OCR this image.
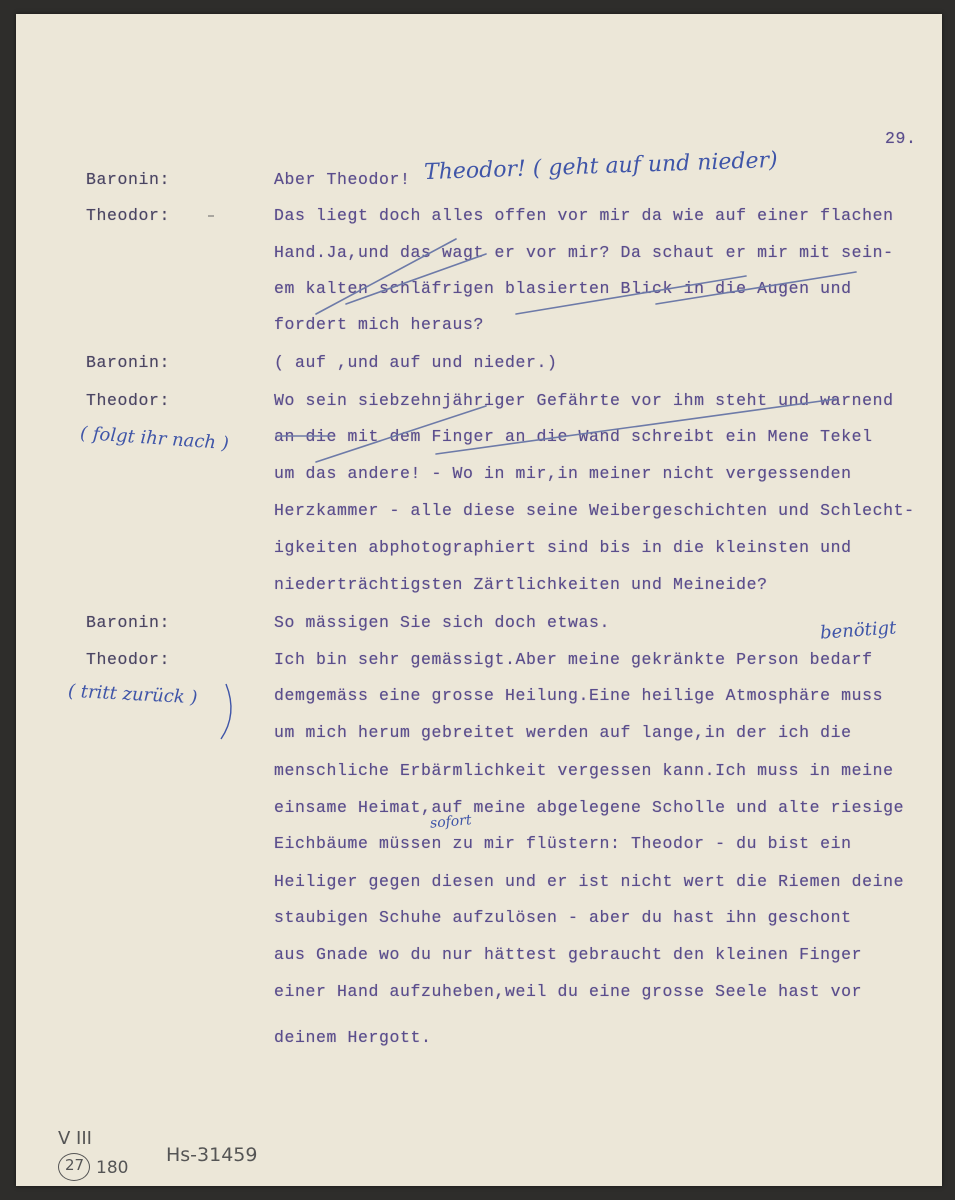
29.
Baronin:	Aber Theodor! Theodor! ( geht auf und nieder)
Theodor:	Das liegt doch alles offen vor mir da wie auf einer flachen
Hand.Ja,und das wagt er vor mir? Da schaut er mir mit sein-
em kalten schläfrigen blasierten Blick in die Augen und
fordert mich heraus?
Baronin:	( auf ,und auf und nieder.)
Theodor:
( folgt ihr nach )
Wo sein siebzehnjähriger Gefährte vor ihm steht und warnend
an die mit dem Finger an die Wand schreibt ein Mene Tekel
um das andere! - Wo in mir,in meiner nicht vergessenden
Herzkammer - alle diese seine Weibergeschichten und Schlecht-
igkeiten abphotographiert sind bis in die kleinsten und
niederträchtigsten Zärtlichkeiten und Meineide?
Baronin:	So mässigen Sie sich doch etwas.
Theodor:
( tritt zurück )
benötigt
Ich bin sehr gemässigt.Aber meine gekränkte Person bedarf
demgemäss eine grosse Heilung.Eine heilige Atmosphäre muss
um mich herum gebreitet werden auf lange,in der ich die
menschliche Erbärmlichkeit vergessen kann.Ich muss in meine
einsame Heimat,auf meine abgelegene Scholle und alte riesige
sofort
Eichbäume müssen zu mir flüstern: Theodor - du bist ein
Heiliger gegen diesen und er ist nicht wert die Riemen deine
staubigen Schuhe aufzulösen - aber du hast ihn geschont
aus Gnade wo du nur hättest gebraucht den kleinen Finger
einer Hand aufzuheben,weil du eine grosse Seele hast vor
deinem Hergott.
V III
27 180
Hs-31459
